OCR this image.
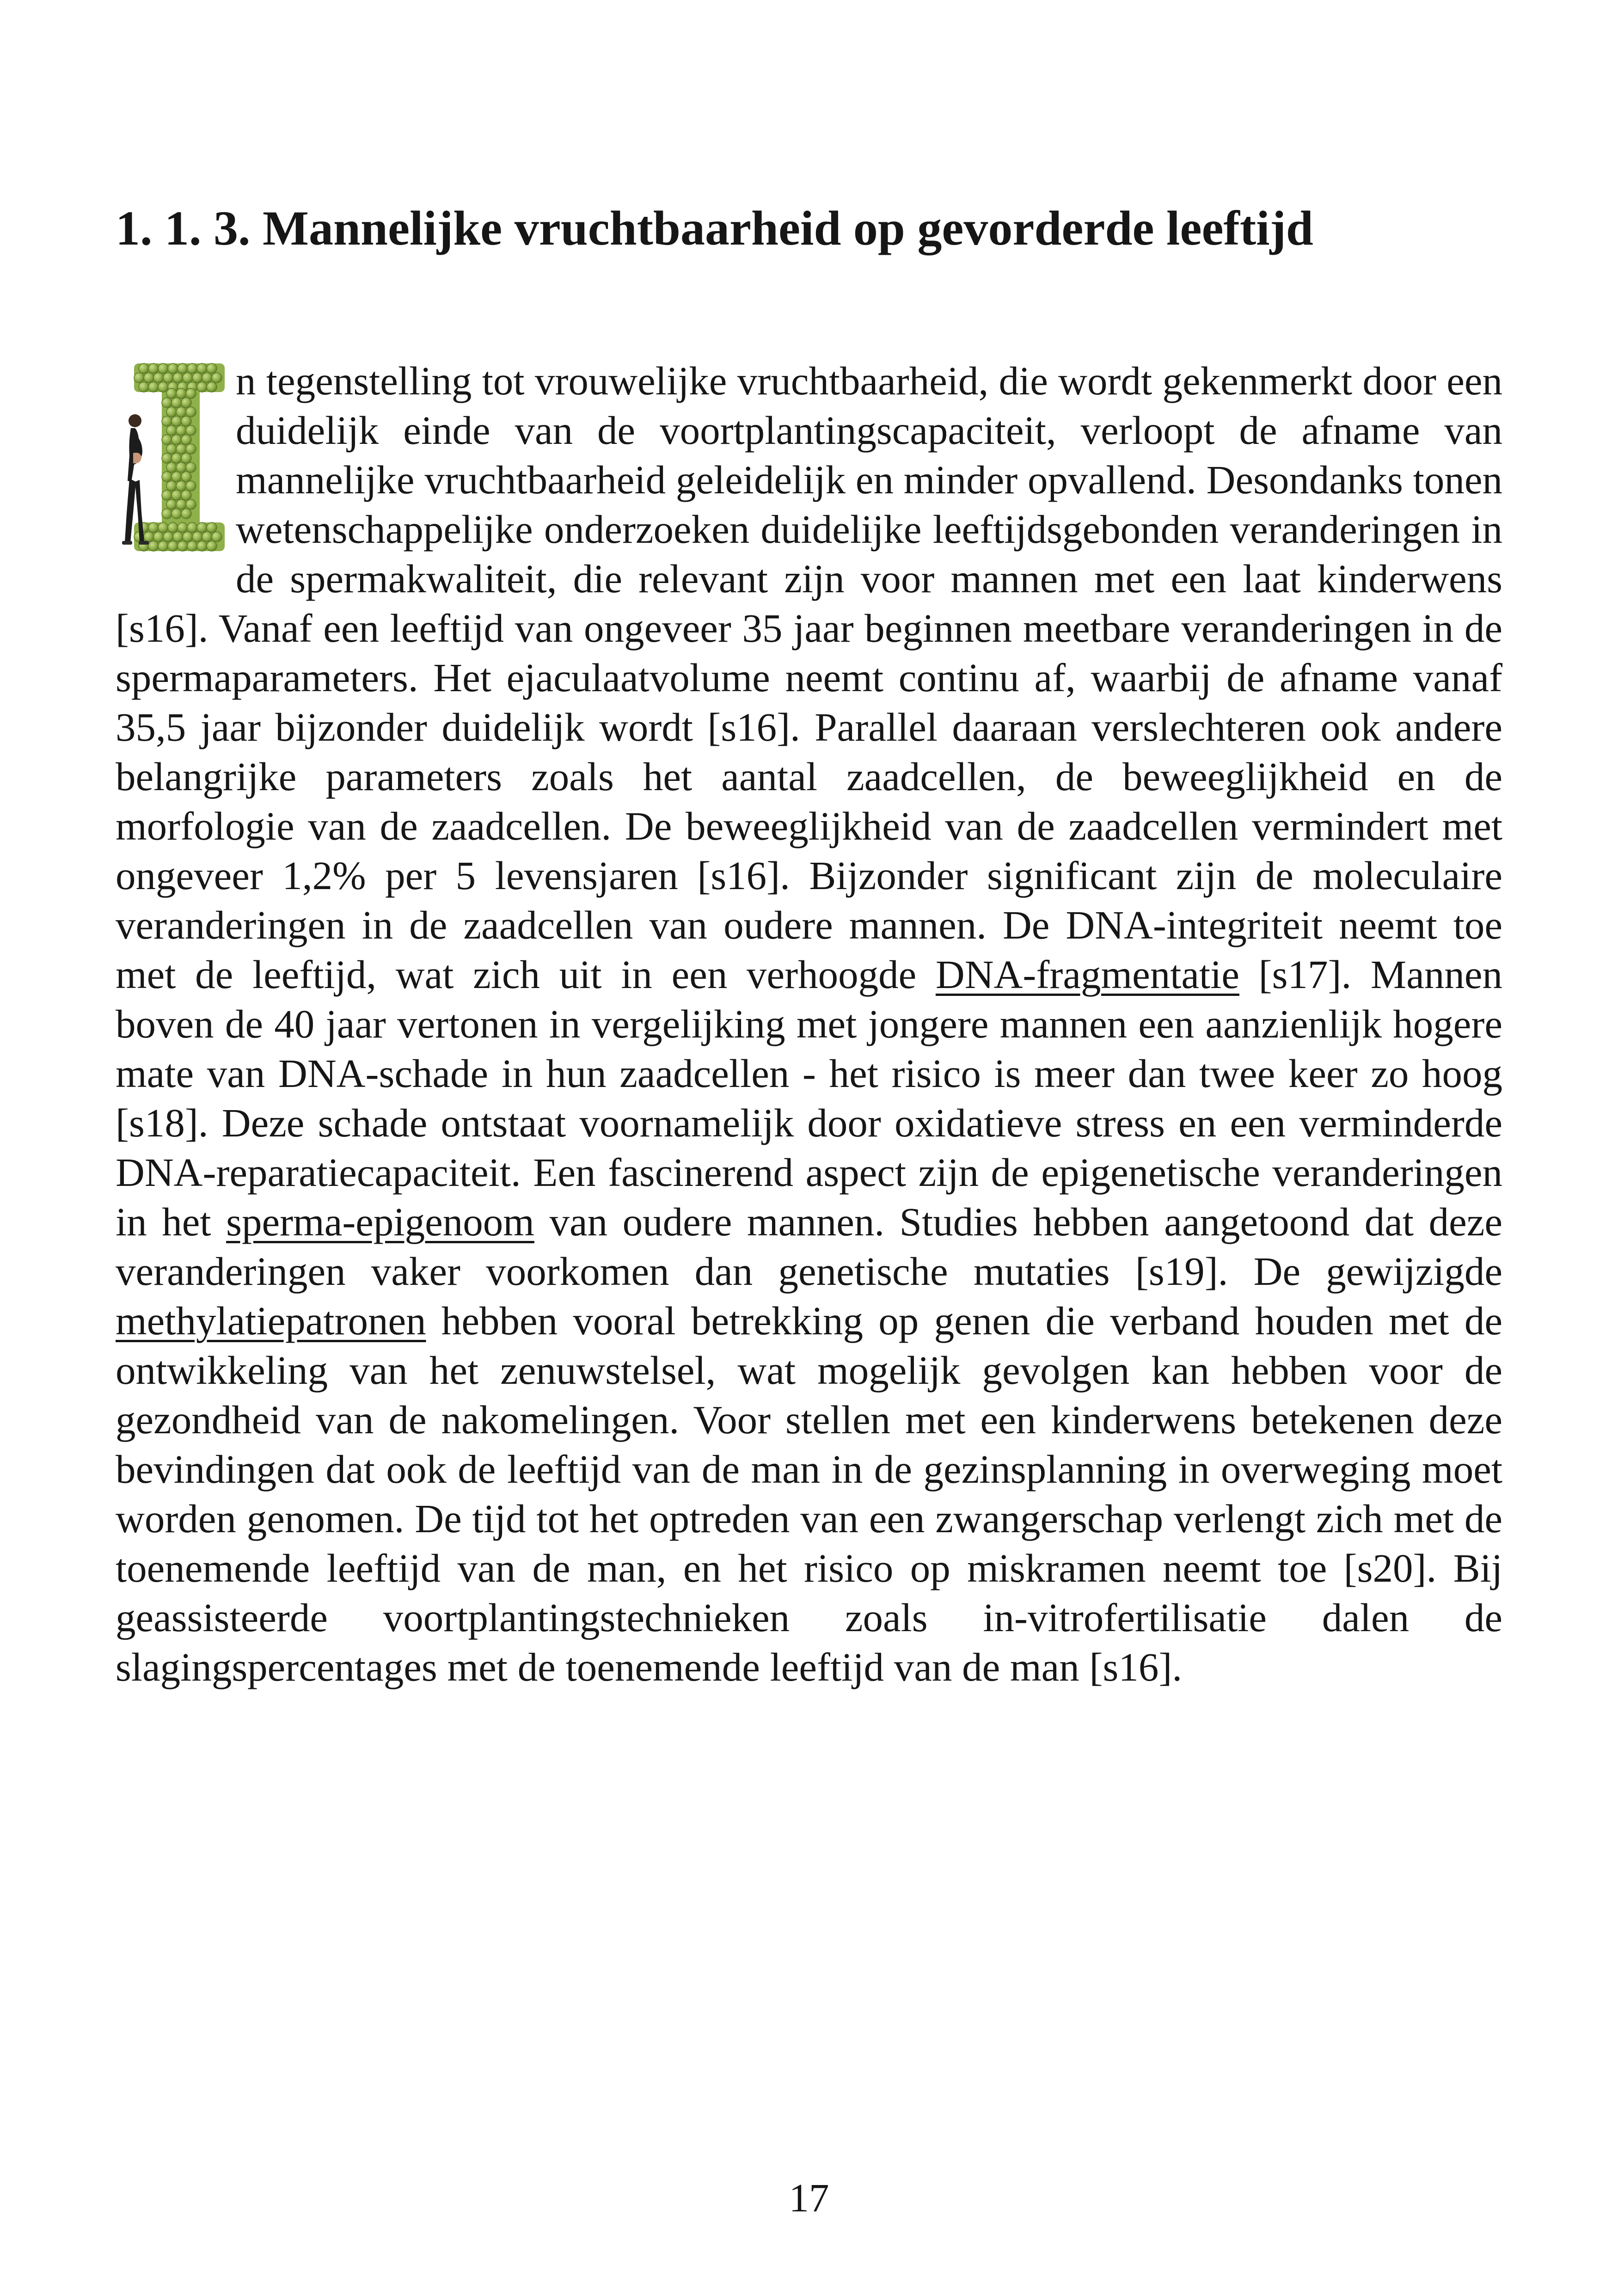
1. 1. 3. Mannelijke vruchtbaarheid op gevorderde leeftijd
n tegenstelling tot vrouwelijke vruchtbaarheid, die wordt gekenmerkt door een duidelijk einde van de voortplantingscapaciteit, verloopt de afname van mannelijke vruchtbaarheid geleidelijk en minder opvallend. Desondanks tonen wetenschappelijke onderzoeken duidelijke leeftijdsgebonden veranderingen in de spermakwaliteit, die relevant zijn voor mannen met een laat kinderwens [s16]. Vanaf een leeftijd van ongeveer 35 jaar beginnen meetbare veranderingen in de spermaparameters. Het ejaculaatvolume neemt continu af, waarbij de afname vanaf 35,5 jaar bijzonder duidelijk wordt [s16]. Parallel daaraan verslechteren ook andere belangrijke parameters zoals het aantal zaadcellen, de beweeglijkheid en de morfologie van de zaadcellen. De beweeglijkheid van de zaadcellen vermindert met ongeveer 1,2% per 5 levensjaren [s16]. Bijzonder significant zijn de moleculaire veranderingen in de zaadcellen van oudere mannen. De DNA-integriteit neemt toe met de leeftijd, wat zich uit in een verhoogde DNA-fragmentatie [s17]. Mannen boven de 40 jaar vertonen in vergelijking met jongere mannen een aanzienlijk hogere mate van DNA-schade in hun zaadcellen - het risico is meer dan twee keer zo hoog [s18]. Deze schade ontstaat voornamelijk door oxidatieve stress en een verminderde DNA-reparatiecapaciteit. Een fascinerend aspect zijn de epigenetische veranderingen in het sperma-epigenoom van oudere mannen. Studies hebben aangetoond dat deze veranderingen vaker voorkomen dan genetische mutaties [s19]. De gewijzigde methylatiepatronen hebben vooral betrekking op genen die verband houden met de ontwikkeling van het zenuwstelsel, wat mogelijk gevolgen kan hebben voor de gezondheid van de nakomelingen. Voor stellen met een kinderwens betekenen deze bevindingen dat ook de leeftijd van de man in de gezinsplanning in overweging moet worden genomen. De tijd tot het optreden van een zwangerschap verlengt zich met de toenemende leeftijd van de man, en het risico op miskramen neemt toe [s20]. Bij geassisteerde voortplantingstechnieken zoals in-vitrofertilisatie dalen de slagingspercentages met de toenemende leeftijd van de man [s16].
17
